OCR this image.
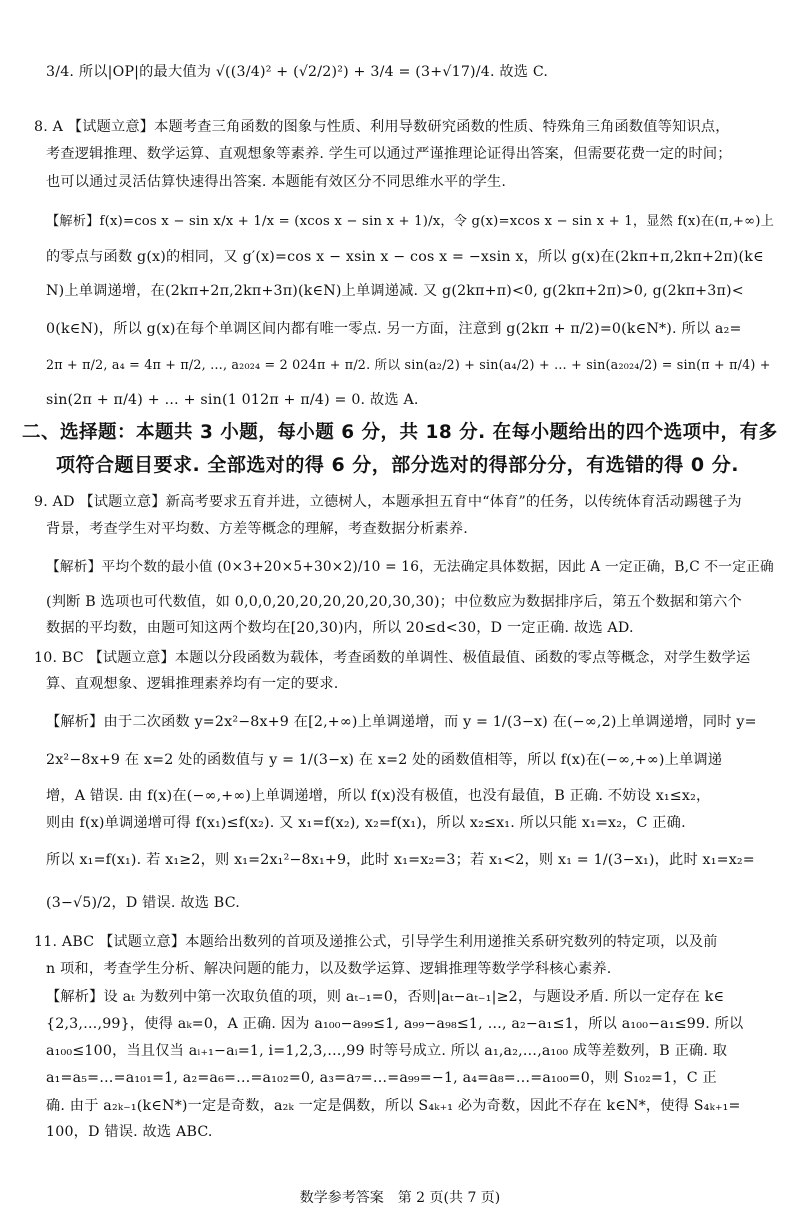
3/4. 所以|OP|的最大值为 √((3/4)² + (√2/2)²) + 3/4 = (3+√17)/4. 故选 C.
8. A 【试题立意】本题考查三角函数的图象与性质、利用导数研究函数的性质、特殊角三角函数值等知识点，
考查逻辑推理、数学运算、直观想象等素养. 学生可以通过严谨推理论证得出答案，但需要花费一定的时间；
也可以通过灵活估算快速得出答案. 本题能有效区分不同思维水平的学生.
【解析】f(x)=cos x − sin x/x + 1/x = (xcos x − sin x + 1)/x，令 g(x)=xcos x − sin x + 1，显然 f(x)在(π,+∞)上
的零点与函数 g(x)的相同，又 g′(x)=cos x − xsin x − cos x = −xsin x，所以 g(x)在(2kπ+π,2kπ+2π)(k∈
N)上单调递增，在(2kπ+2π,2kπ+3π)(k∈N)上单调递减. 又 g(2kπ+π)<0, g(2kπ+2π)>0, g(2kπ+3π)<
0(k∈N)，所以 g(x)在每个单调区间内都有唯一零点. 另一方面，注意到 g(2kπ + π/2)=0(k∈N*). 所以 a₂=
2π + π/2, a₄ = 4π + π/2, …, a₂₀₂₄ = 2 024π + π/2. 所以 sin(a₂/2) + sin(a₄/2) + … + sin(a₂₀₂₄/2) = sin(π + π/4) +
sin(2π + π/4) + … + sin(1 012π + π/4) = 0. 故选 A.
二、选择题：本题共 3 小题，每小题 6 分，共 18 分. 在每小题给出的四个选项中，有多
项符合题目要求. 全部选对的得 6 分，部分选对的得部分分，有选错的得 0 分.
9. AD 【试题立意】新高考要求五育并进，立德树人，本题承担五育中“体育”的任务，以传统体育活动踢毽子为
背景，考查学生对平均数、方差等概念的理解，考查数据分析素养.
【解析】平均个数的最小值 (0×3+20×5+30×2)/10 = 16，无法确定具体数据，因此 A 一定正确，B,C 不一定正确
(判断 B 选项也可代数值，如 0,0,0,20,20,20,20,20,30,30)；中位数应为数据排序后，第五个数据和第六个
数据的平均数，由题可知这两个数均在[20,30)内，所以 20≤d<30，D 一定正确. 故选 AD.
10. BC 【试题立意】本题以分段函数为载体，考查函数的单调性、极值最值、函数的零点等概念，对学生数学运
算、直观想象、逻辑推理素养均有一定的要求.
【解析】由于二次函数 y=2x²−8x+9 在[2,+∞)上单调递增，而 y = 1/(3−x) 在(−∞,2)上单调递增，同时 y=
2x²−8x+9 在 x=2 处的函数值与 y = 1/(3−x) 在 x=2 处的函数值相等，所以 f(x)在(−∞,+∞)上单调递
增，A 错误. 由 f(x)在(−∞,+∞)上单调递增，所以 f(x)没有极值，也没有最值，B 正确. 不妨设 x₁≤x₂，
则由 f(x)单调递增可得 f(x₁)≤f(x₂). 又 x₁=f(x₂), x₂=f(x₁)，所以 x₂≤x₁. 所以只能 x₁=x₂，C 正确.
所以 x₁=f(x₁). 若 x₁≥2，则 x₁=2x₁²−8x₁+9，此时 x₁=x₂=3；若 x₁<2，则 x₁ = 1/(3−x₁)，此时 x₁=x₂=
(3−√5)/2，D 错误. 故选 BC.
11. ABC 【试题立意】本题给出数列的首项及递推公式，引导学生利用递推关系研究数列的特定项，以及前
n 项和，考查学生分析、解决问题的能力，以及数学运算、逻辑推理等数学学科核心素养.
【解析】设 aₜ 为数列中第一次取负值的项，则 aₜ₋₁=0，否则|aₜ−aₜ₋₁|≥2，与题设矛盾. 所以一定存在 k∈
{2,3,…,99}，使得 aₖ=0，A 正确. 因为 a₁₀₀−a₉₉≤1, a₉₉−a₉₈≤1, …, a₂−a₁≤1，所以 a₁₀₀−a₁≤99. 所以
a₁₀₀≤100，当且仅当 aᵢ₊₁−aᵢ=1, i=1,2,3,…,99 时等号成立. 所以 a₁,a₂,…,a₁₀₀ 成等差数列，B 正确. 取
a₁=a₅=…=a₁₀₁=1, a₂=a₆=…=a₁₀₂=0, a₃=a₇=…=a₉₉=−1, a₄=a₈=…=a₁₀₀=0，则 S₁₀₂=1，C 正
确. 由于 a₂ₖ₋₁(k∈N*)一定是奇数，a₂ₖ 一定是偶数，所以 S₄ₖ₊₁ 必为奇数，因此不存在 k∈N*，使得 S₄ₖ₊₁=
100，D 错误. 故选 ABC.
数学参考答案　第 2 页(共 7 页)
